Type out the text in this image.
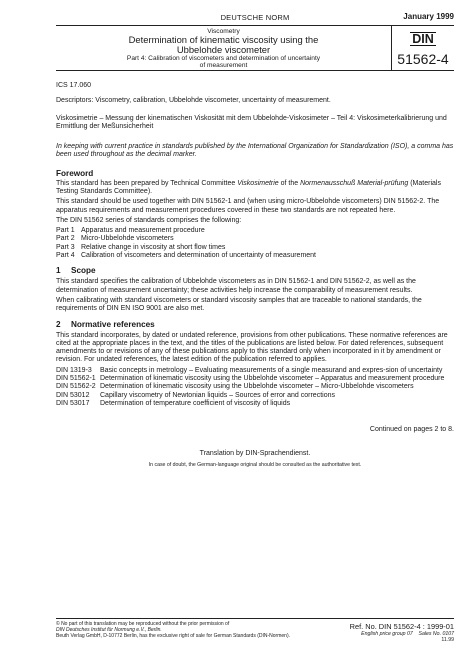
DEUTSCHE NORM	January 1999
Viscometry
Determination of kinematic viscosity using the
Ubbelohde viscometer
Part 4: Calibration of viscometers and determination of uncertainty
of measurement
DIN
51562-4
ICS 17.060
Descriptors: Viscometry, calibration, Ubbelohde viscometer, uncertainty of measurement.
Viskosimetrie – Messung der kinematischen Viskosität mit dem Ubbelohde-Viskosimeter – Teil 4: Viskosimeterkalibrierung und Ermittlung der Meßunsicherheit
In keeping with current practice in standards published by the International Organization for Standardization (ISO), a comma has been used throughout as the decimal marker.
Foreword
This standard has been prepared by Technical Committee Viskosimetrie of the Normenausschuß Material-prüfung (Materials Testing Standards Committee).
This standard should be used together with DIN 51562-1 and (when using micro-Ubbelohde viscometers) DIN 51562-2. The apparatus requirements and measurement procedures covered in these two standards are not repeated here.
The DIN 51562 series of standards comprises the following:
Part 1 Apparatus and measurement procedure
Part 2 Micro-Ubbelohde viscometers
Part 3 Relative change in viscosity at short flow times
Part 4 Calibration of viscometers and determination of uncertainty of measurement
1	Scope
This standard specifies the calibration of Ubbelohde viscometers as in DIN 51562-1 and DIN 51562-2, as well as the determination of measurement uncertainty; these activities help increase the comparability of measurement results.
When calibrating with standard viscometers or standard viscosity samples that are traceable to national standards, the requirements of DIN EN ISO 9001 are also met.
2	Normative references
This standard incorporates, by dated or undated reference, provisions from other publications. These normative references are cited at the appropriate places in the text, and the titles of the publications are listed below. For dated references, subsequent amendments to or revisions of any of these publications apply to this standard only when incorporated in it by amendment or revision. For undated references, the latest edition of the publication referred to applies.
DIN 1319-3	Basic concepts in metrology – Evaluating measurements of a single measurand and expres-sion of uncertainty
DIN 51562-1 Determination of kinematic viscosity using the Ubbelohde viscometer – Apparatus and measurement procedure
DIN 51562-2 Determination of kinematic viscosity using the Ubbelohde viscometer – Micro-Ubbelohde viscometers
DIN 53012	Capillary viscometry of Newtonian liquids – Sources of error and corrections
DIN 53017	Determination of temperature coefficient of viscosity of liquids
Continued on pages 2 to 8.
Translation by DIN-Sprachendienst.
In case of doubt, the German-language original should be consulted as the authoritative text.
© No part of this translation may be reproduced without the prior permission of
DIN Deutsches Institut für Normung e.V., Berlin.
Beuth Verlag GmbH, D-10772 Berlin, has the exclusive right of sale for German Standards (DIN-Normen).
Ref. No. DIN 51562-4 : 1999-01
English price group 07 Sales No. 0107
11.99
